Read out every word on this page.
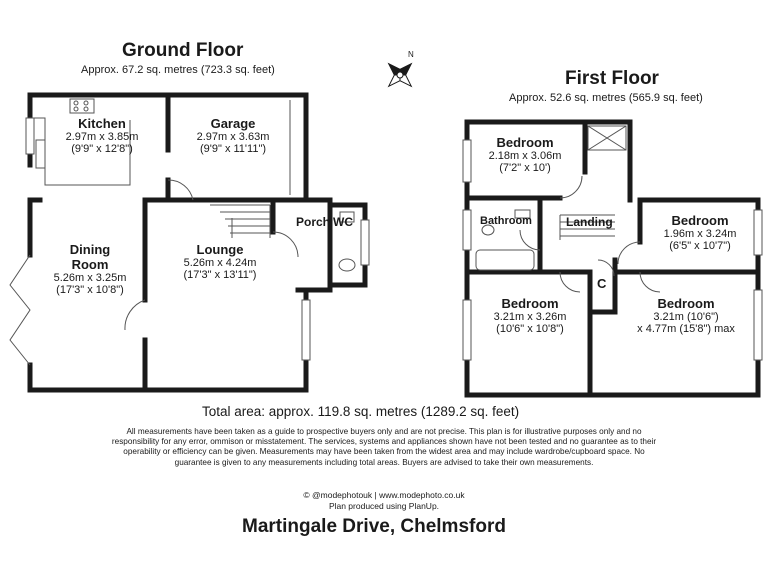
N
Ground Floor
Approx. 67.2 sq. metres (723.3 sq. feet)	First Floor
Approx. 52.6 sq. metres (565.9 sq. feet)
Kitchen
2.97m x 3.85m
(9'9" x 12'8")
Garage
2.97m x 3.63m
(9'9" x 11'11")
Dining
Room
5.26m x 3.25m
(17'3" x 10'8")
Lounge
5.26m x 4.24m
(17'3" x 13'11")
Porch WC
Bedroom
2.18m x 3.06m
(7'2" x 10')
Bathroom	Landing	Bedroom
1.96m x 3.24m
(6'5" x 10'7")
C
Bedroom
3.21m x 3.26m
(10'6" x 10'8")
Bedroom
3.21m (10'6")
x 4.77m (15'8") max
Total area: approx. 119.8 sq. metres (1289.2 sq. feet)
All measurements have been taken as a guide to prospective buyers only and are not precise. This plan is for illustrative purposes only and no responsibility for any error, ommison or misstatement. The services, systems and appliances shown have not been tested and no guarantee as to their operability or efficiency can be given. Measurements may have been taken from the widest area and may include wardrobe/cupboard space. No guarantee is given to any measurements including total areas. Buyers are advised to take their own measurements.
© @modephotouk | www.modephoto.co.uk
Plan produced using PlanUp.
Martingale Drive, Chelmsford
